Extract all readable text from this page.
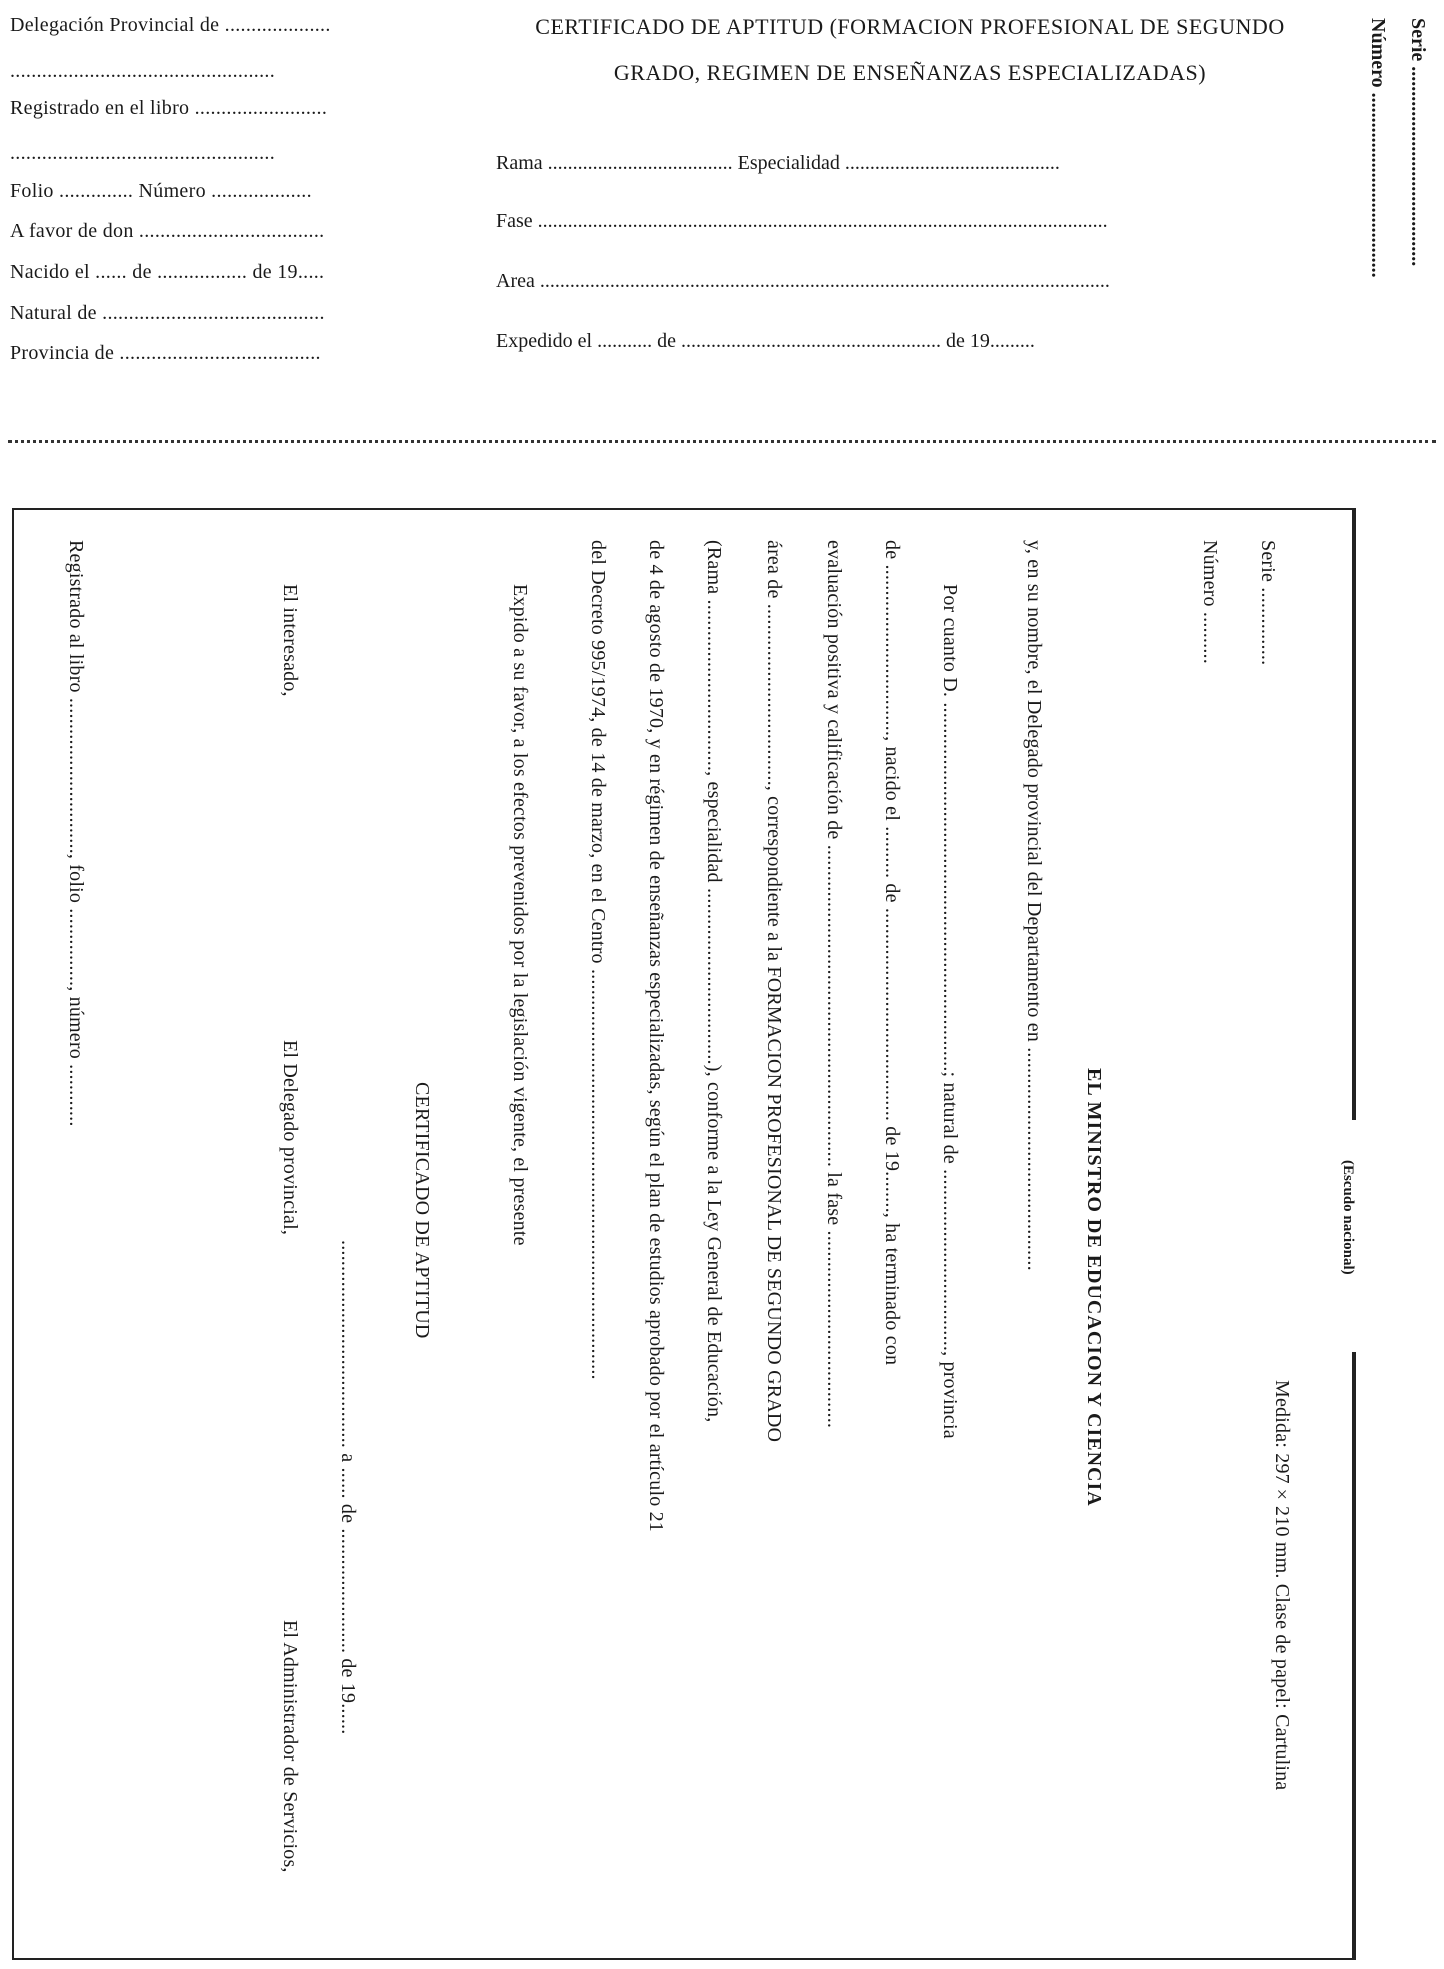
Delegación Provincial de ....................
..................................................
Registrado en el libro .........................
..................................................
Folio .............. Número ...................
A favor de don ...................................
Nacido el ...... de ................. de 19.....
Natural de ..........................................
Provincia de ......................................
CERTIFICADO DE APTITUD (FORMACION PROFESIONAL DE SEGUNDO
GRADO, REGIMEN DE ENSEÑANZAS ESPECIALIZADAS)
Rama ..................................... Especialidad ...........................................
Fase ..................................................................................................................
Area ..................................................................................................................
Expedido el ........... de .................................................... de 19.........
Número ..................................... Serie ........................................
(Escudo nacional)
Medida: 297×210 mm. Clase de papel: Cartulina
Serie ...............
Número ..........
EL MINISTRO DE EDUCACION Y CIENCIA
y, en su nombre, el Delegado provincial del Departamento en ...........................................
Por cuanto D. .......................................................................; natural de ..................................., provincia
de ................................., nacido el .......... de ......................................... de 19........, ha terminado con
evaluación positiva y calificación de .............................................................. la fase ......................................
área de ..................................., correspondiente a la FORMACION PROFESIONAL DE SEGUNDO GRADO
(Rama ................................., especialidad ..................................), conforme a la Ley General de Educación,
de 4 de agosto de 1970, y en régimen de enseñanzas especializadas, según el plan de estudios aprobado por el artículo 21
del Decreto 995/1974, de 14 de marzo, en el Centro ...............................................................................
Expido a su favor, a los efectos prevenidos por la legislación vigente, el presente
CERTIFICADO DE APTITUD
........................................ a ...... de ........................ de 19......
El interesado,
El Delegado provincial,
El Administrador de Servicios,
Registrado al libro .............................., folio ..............., número ............
